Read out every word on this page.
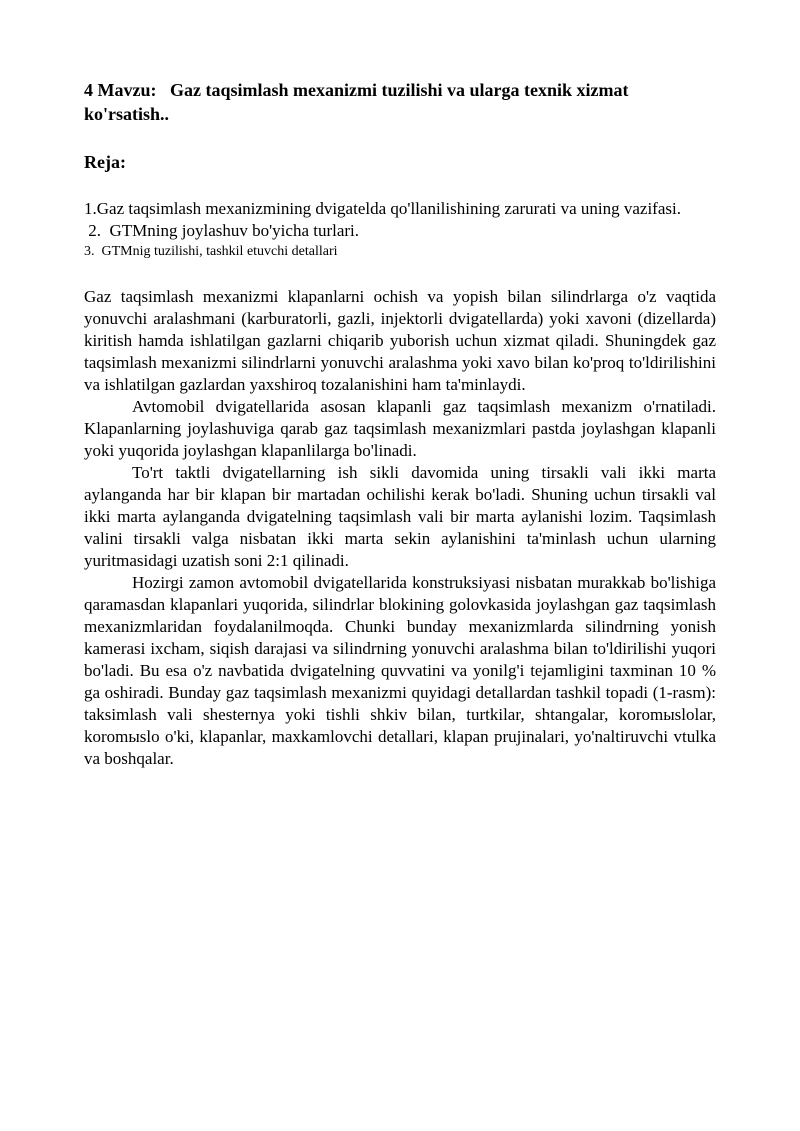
4 Mavzu:   Gaz taqsimlash mexanizmi tuzilishi va ularga texnik xizmat ko'rsatish..
Reja:
1.Gaz taqsimlash mexanizmining dvigatelda qo'llanilishining zarurati va uning vazifasi.
2.  GTMning joylashuv bo'yicha turlari.
3.  GTMnig tuzilishi, tashkil etuvchi detallari

Gaz taqsimlash mexanizmi klapanlarni ochish va yopish bilan silindrlarga o'z vaqtida yonuvchi aralashmani (karburatorli, gazli, injektorli dvigatellarda) yoki xavoni (dizellarda) kiritish hamda ishlatilgan gazlarni chiqarib yuborish uchun xizmat qiladi. Shuningdek gaz taqsimlash mexanizmi silindrlarni yonuvchi aralashma yoki xavo bilan ko'proq to'ldirilishini va ishlatilgan gazlardan yaxshiroq tozalanishini ham ta'minlaydi.

Avtomobil dvigatellarida asosan klapanli gaz taqsimlash mexanizm o'rnatiladi. Klapanlarning joylashuviga qarab gaz taqsimlash mexanizmlari pastda joylashgan klapanli yoki yuqorida joylashgan klapanlilarga bo'linadi.

To'rt taktli dvigatellarning ish sikli davomida uning tirsakli vali ikki marta aylanganda har bir klapan bir martadan ochilishi kerak bo'ladi. Shuning uchun tirsakli val ikki marta aylanganda dvigatelning taqsimlash vali bir marta aylanishi lozim. Taqsimlash valini tirsakli valga nisbatan ikki marta sekin aylanishini ta'minlash uchun ularning yuritmasidagi uzatish soni 2:1 qilinadi.

Hozirgi zamon avtomobil dvigatellarida konstruksiyasi nisbatan murakkab bo'lishiga qaramasdan klapanlari yuqorida, silindrlar blokining golovkasida joylashgan gaz taqsimlash mexanizmlaridan foydalanilmoqda. Chunki bunday mexanizmlarda silindrning yonish kamerasi ixcham, siqish darajasi va silindrning yonuvchi aralashma bilan to'ldirilishi yuqori bo'ladi. Bu esa o'z navbatida dvigatelning quvvatini va yonilg'i tejamligini taxminan 10 % ga oshiradi. Bunday gaz taqsimlash mexanizmi quyidagi detallardan tashkil topadi (1-rasm): taksimlash vali shesternya yoki tishli shkiv bilan, turtkilar, shtangalar, koromыslolar, koromыslo o'ki, klapanlar, maxkamlovchi detallari, klapan prujinalari, yo'naltiruvchi vtulka va boshqalar.
